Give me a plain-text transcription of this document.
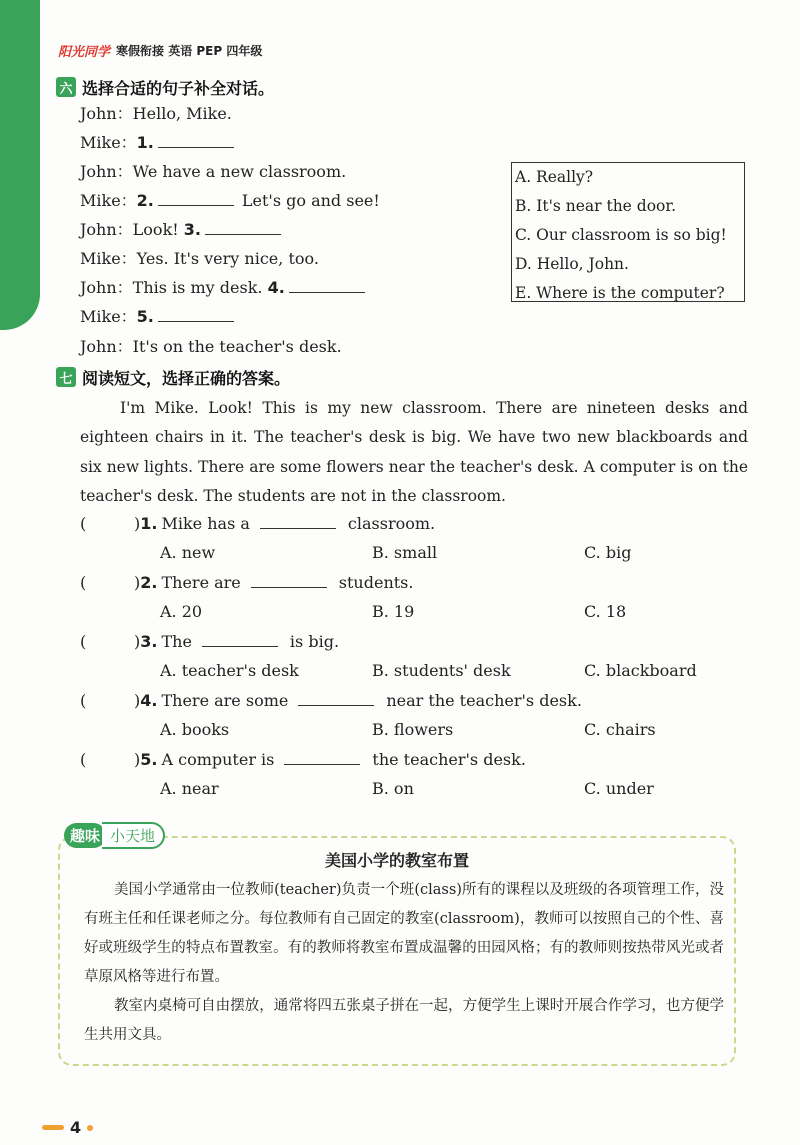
阳光同学 寒假衔接 英语 PEP 四年级
六 选择合适的句子补全对话。
John：Hello, Mike.
Mike：1.
John：We have a new classroom.
Mike：2.	Let's go and see!
John：Look! 3.
Mike：Yes. It's very nice, too.
John：This is my desk. 4.
Mike：5.
John：It's on the teacher's desk.
A. Really?
B. It's near the door.
C. Our classroom is so big!
D. Hello, John.
E. Where is the computer?
七 阅读短文，选择正确的答案。

I'm Mike. Look! This is my new classroom. There are nineteen desks and eighteen chairs in it. The teacher's desk is big. We have two new blackboards and six new lights. There are some flowers near the teacher's desk. A computer is on the teacher's desk. The students are not in the classroom.

(	)1. Mike has a	classroom.
A. new	B. small	C. big
(	)2. There are	students.
A. 20	B. 19	C. 18
(	)3. The	is big.
A. teacher's desk	B. students' desk	C. blackboard
(	)4. There are some	near the teacher's desk.
A. books	B. flowers	C. chairs
(	)5. A computer is	the teacher's desk.
A. near	B. on	C. under
趣味 小天地
美国小学的教室布置

美国小学通常由一位教师(teacher)负责一个班(class)所有的课程以及班级的各项管理工作，没有班主任和任课老师之分。每位教师有自己固定的教室(classroom)，教师可以按照自己的个性、喜好或班级学生的特点布置教室。有的教师将教室布置成温馨的田园风格；有的教师则按热带风光或者草原风格等进行布置。

教室内桌椅可自由摆放，通常将四五张桌子拼在一起，方便学生上课时开展合作学习，也方便学生共用文具。

4
